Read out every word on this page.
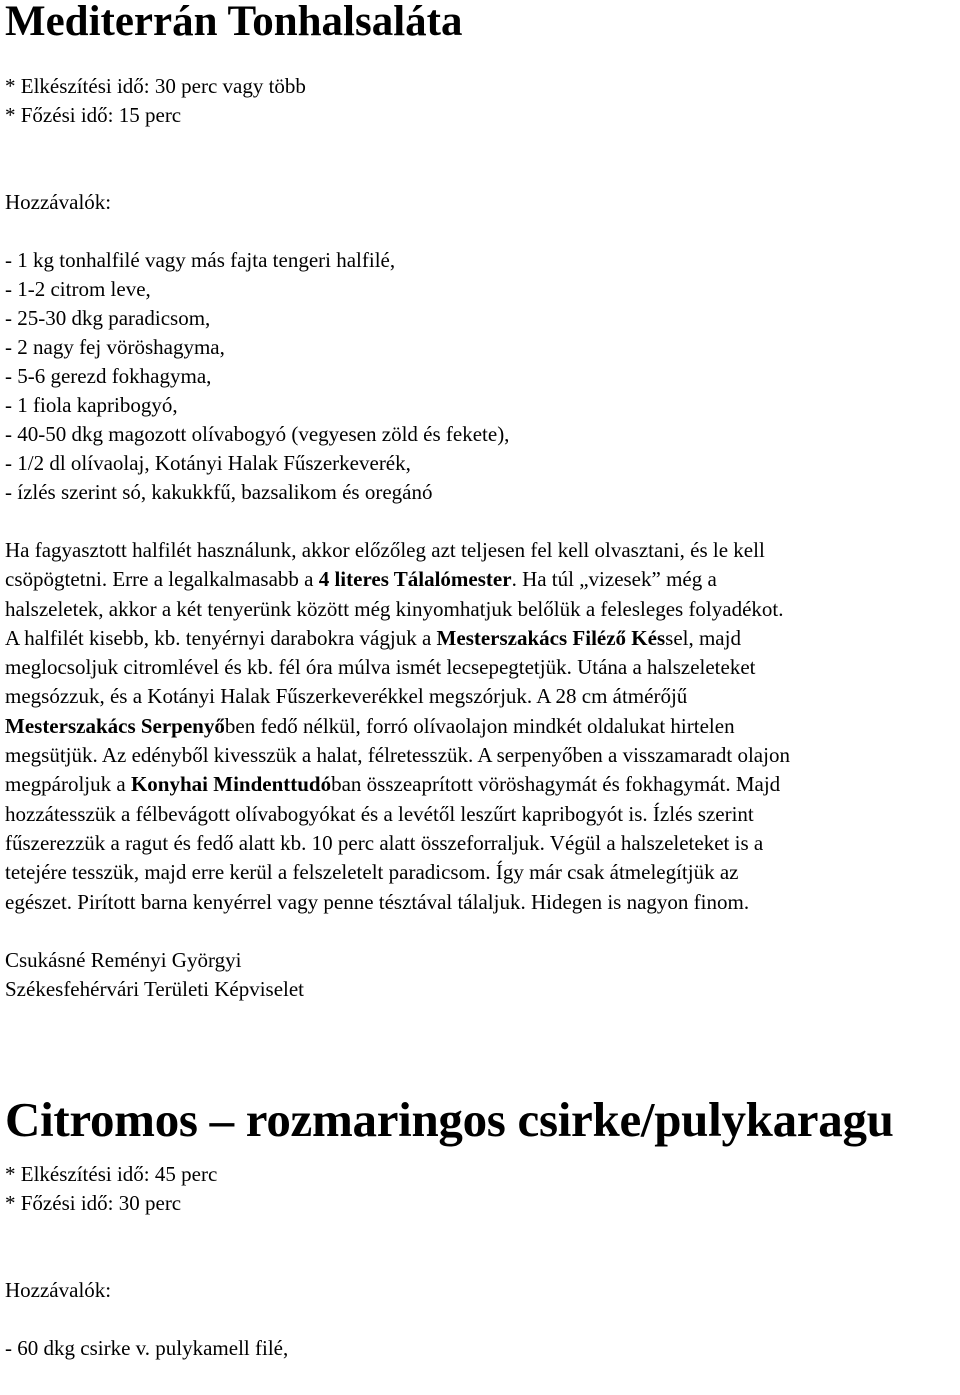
Mediterrán Tonhalsaláta
* Elkészítési idő: 30 perc vagy több
* Főzési idő: 15 perc
Hozzávalók:
- 1 kg tonhalfilé vagy más fajta tengeri halfilé,
- 1-2 citrom leve,
- 25-30 dkg paradicsom,
- 2 nagy fej vöröshagyma,
- 5-6 gerezd fokhagyma,
- 1 fiola kapribogyó,
- 40-50 dkg magozott olívabogyó (vegyesen zöld és fekete),
- 1/2 dl olívaolaj, Kotányi Halak Fűszerkeverék,
- ízlés szerint só, kakukkfű, bazsalikom és oregánó
Ha fagyasztott halfilét használunk, akkor előzőleg azt teljesen fel kell olvasztani, és le kell
csöpögtetni. Erre a legalkalmasabb a 4 literes Tálalómester. Ha túl „vizesek” még a
halszeletek, akkor a két tenyerünk között még kinyomhatjuk belőlük a felesleges folyadékot.
A halfilét kisebb, kb. tenyérnyi darabokra vágjuk a Mesterszakács Filéző Késsel, majd
meglocsoljuk citromlével és kb. fél óra múlva ismét lecsepegtetjük. Utána a halszeleteket
megsózzuk, és a Kotányi Halak Fűszerkeverékkel megszórjuk. A 28 cm átmérőjű
Mesterszakács Serpenyőben fedő nélkül, forró olívaolajon mindkét oldalukat hirtelen
megsütjük. Az edényből kivesszük a halat, félretesszük. A serpenyőben a visszamaradt olajon
megpároljuk a Konyhai Mindenttudóban összeaprított vöröshagymát és fokhagymát. Majd
hozzátesszük a félbevágott olívabogyókat és a levétől leszűrt kapribogyót is. Ízlés szerint
fűszerezzük a ragut és fedő alatt kb. 10 perc alatt összeforraljuk. Végül a halszeleteket is a
tetejére tesszük, majd erre kerül a felszeletelt paradicsom. Így már csak átmelegítjük az
egészet. Pirított barna kenyérrel vagy penne tésztával tálaljuk. Hidegen is nagyon finom.
Csukásné Reményi Györgyi
Székesfehérvári Területi Képviselet
Citromos – rozmaringos csirke/pulykaragu
* Elkészítési idő: 45 perc
* Főzési idő: 30 perc
Hozzávalók:
- 60 dkg csirke v. pulykamell filé,
